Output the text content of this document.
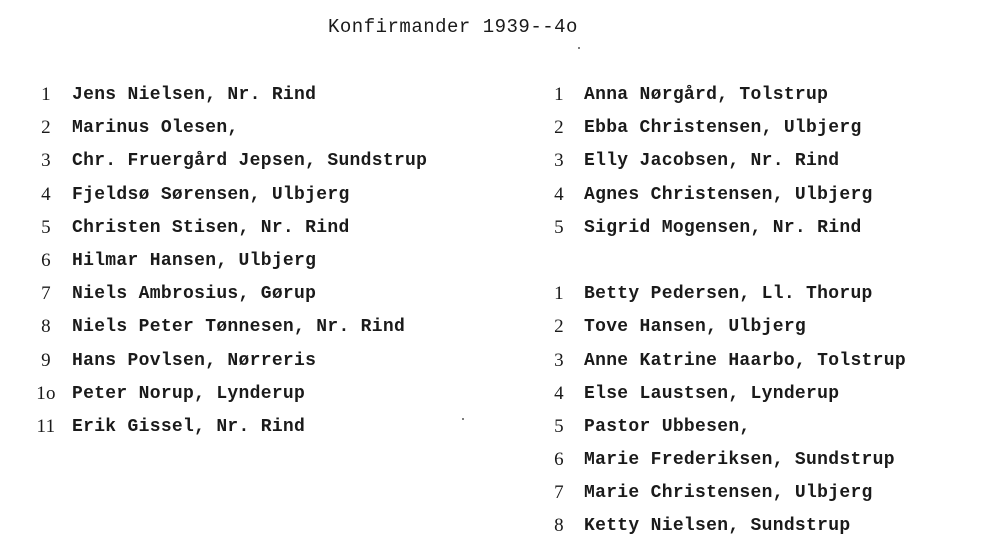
Konfirmander 1939--4o
1	Jens Nielsen, Nr. Rind
2	Marinus Olesen,
3	Chr. Fruergård Jepsen, Sundstrup
4	Fjeldsø Sørensen, Ulbjerg
5	Christen Stisen, Nr. Rind
6	Hilmar Hansen, Ulbjerg
7	Niels Ambrosius, Gørup
8	Niels Peter Tønnesen, Nr. Rind
9	Hans Povlsen, Nørreris
1o Peter Norup, Lynderup
11 Erik Gissel, Nr. Rind
1	Anna Nørgård, Tolstrup
2	Ebba Christensen, Ulbjerg
3	Elly Jacobsen, Nr. Rind
4	Agnes Christensen, Ulbjerg
5	Sigrid Mogensen, Nr. Rind
1	Betty Pedersen, Ll. Thorup
2	Tove Hansen, Ulbjerg
3	Anne Katrine Haarbo, Tolstrup
4	Else Laustsen, Lynderup
5	Pastor Ubbesen,
6	Marie Frederiksen, Sundstrup
7	Marie Christensen, Ulbjerg
8	Ketty Nielsen, Sundstrup
